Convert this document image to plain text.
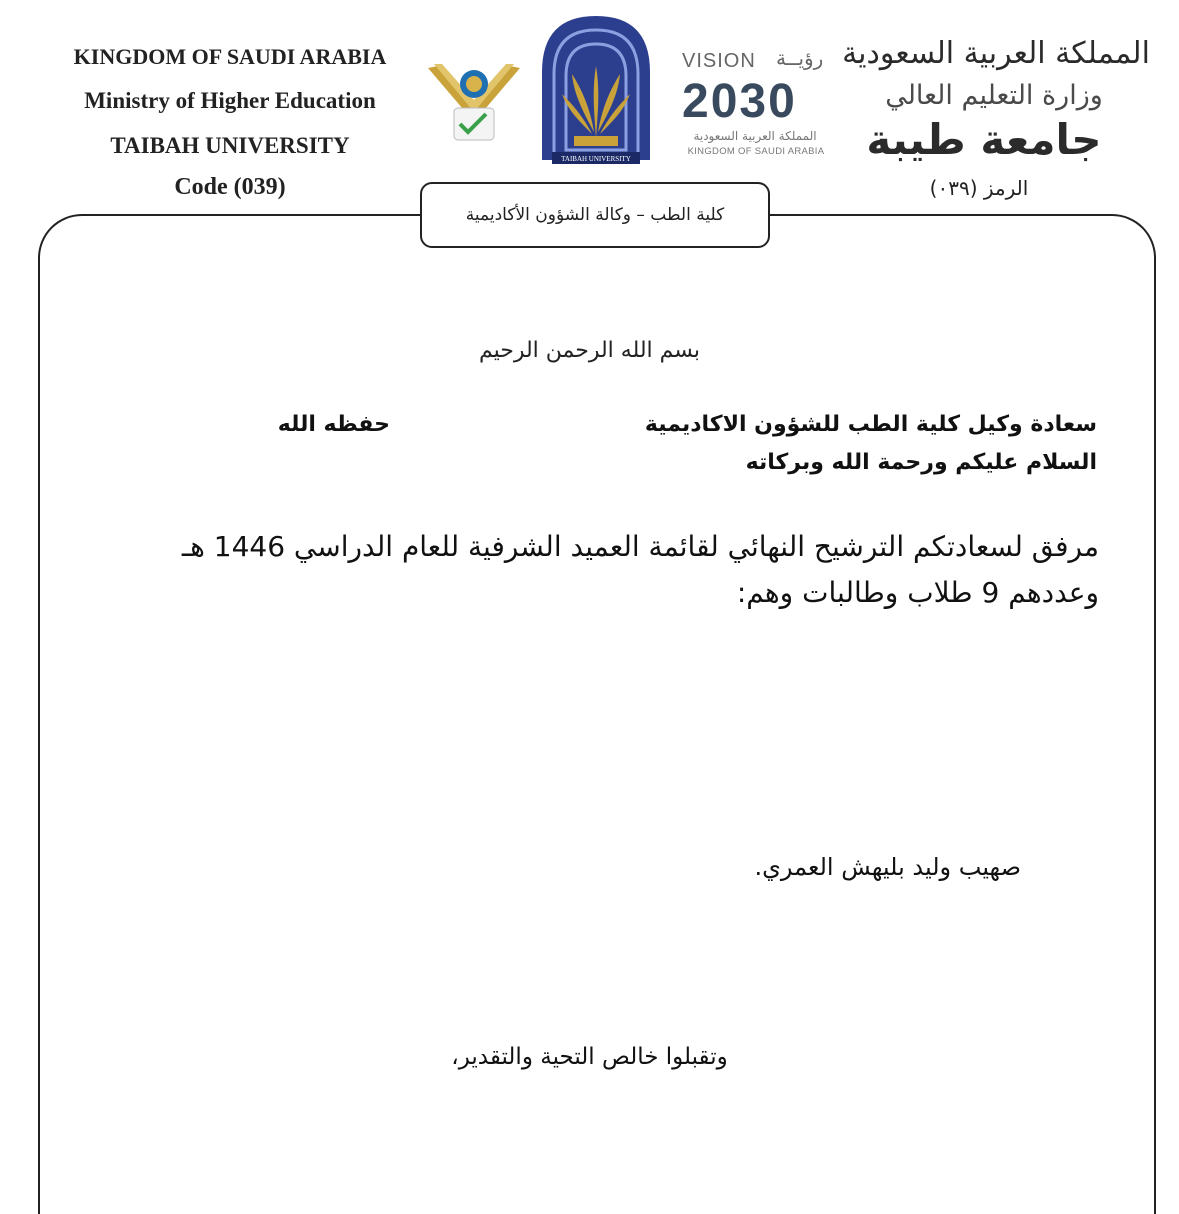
KINGDOM OF SAUDI ARABIA
Ministry of Higher Education
TAIBAH UNIVERSITY
Code (039)
TAIBAH UNIVERSITY
VISION رؤيــة
2030
المملكة العربية السعودية
KINGDOM OF SAUDI ARABIA
المملكة العربية السعودية
وزارة التعليم العالي
جامعة طيبة
الرمز (٠٣٩)
كلية الطب – وكالة الشؤون الأكاديمية
بسم الله الرحمن الرحيم
سعادة وكيل كلية الطب للشؤون الاكاديمية
حفظه الله
السلام عليكم ورحمة الله وبركاته
مرفق لسعادتكم الترشيح النهائي لقائمة العميد الشرفية للعام الدراسي 1446 هـ وعددهم 9 طلاب وطالبات وهم:
صهيب وليد بليهش العمري.
وتقبلوا خالص التحية والتقدير،
